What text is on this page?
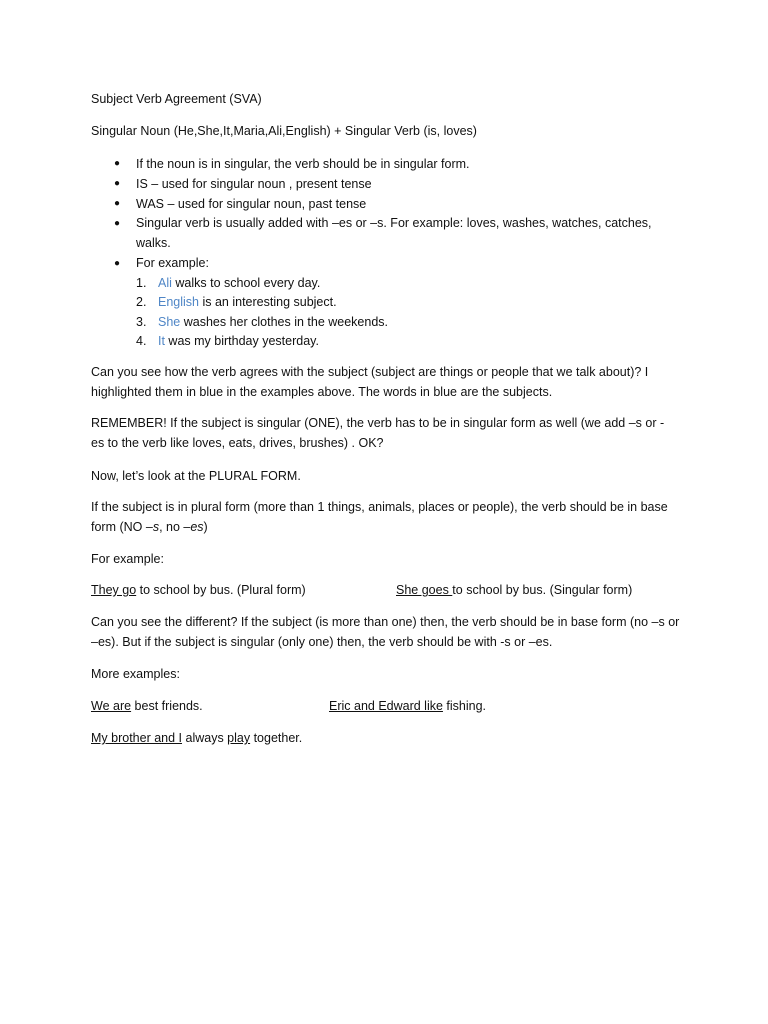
Subject Verb Agreement (SVA)
Singular Noun (He,She,It,Maria,Ali,English) + Singular Verb (is, loves)
● If the noun is in singular, the verb should be in singular form.
● IS – used for singular noun , present tense
● WAS – used for singular noun, past tense
● Singular verb is usually added with –es or –s. For example: loves, washes, watches, catches, walks.
● For example:
1. Ali walks to school every day.
2. English is an interesting subject.
3. She washes her clothes in the weekends.
4. It was my birthday yesterday.
Can you see how the verb agrees with the subject (subject are things or people that we talk about)? I highlighted them in blue in the examples above. The words in blue are the subjects.
REMEMBER! If the subject is singular (ONE), the verb has to be in singular form as well (we add –s or -es to the verb like loves, eats, drives, brushes) . OK?
Now, let’s look at the PLURAL FORM.
If the subject is in plural form (more than 1 things, animals, places or people), the verb should be in base form (NO –s, no –es)
For example:
They go to school by bus. (Plural form)	She goes to school by bus. (Singular form)
Can you see the different? If the subject (is more than one) then, the verb should be in base form (no –s or –es). But if the subject is singular (only one) then, the verb should be with -s or –es.
More examples:
We are best friends.	Eric and Edward like fishing.
My brother and I always play together.
